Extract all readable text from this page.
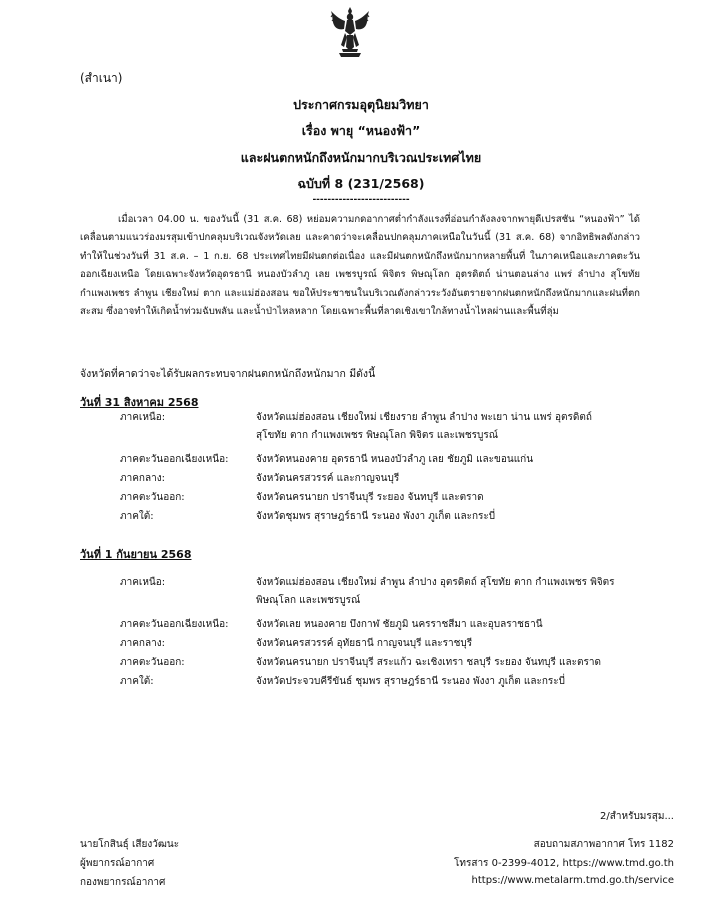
(สำเนา)
ประกาศกรมอุตุนิยมวิทยา
เรื่อง พายุ “หนองฟ้า”
และฝนตกหนักถึงหนักมากบริเวณประเทศไทย
ฉบับที่ 8 (231/2568)
--------------------------

เมื่อเวลา 04.00 น. ของวันนี้ (31 ส.ค. 68) หย่อมความกดอากาศต่ำกำลังแรงที่อ่อนกำลังลงจากพายุดีเปรสชัน “หนองฟ้า” ได้เคลื่อนตามแนวร่องมรสุมเข้าปกคลุมบริเวณจังหวัดเลย และคาดว่าจะเคลื่อนปกคลุมภาคเหนือในวันนี้ (31 ส.ค. 68) จากอิทธิพลดังกล่าว ทำให้ในช่วงวันที่ 31 ส.ค. – 1 ก.ย. 68 ประเทศไทยมีฝนตกต่อเนื่อง และมีฝนตกหนักถึงหนักมากหลายพื้นที่ ในภาคเหนือและภาคตะวันออกเฉียงเหนือ โดยเฉพาะจังหวัดอุดรธานี หนองบัวลำภู เลย เพชรบูรณ์ พิจิตร พิษณุโลก อุตรดิตถ์ น่านตอนล่าง แพร่ ลำปาง สุโขทัย กำแพงเพชร ลำพูน เชียงใหม่ ตาก และแม่ฮ่องสอน ขอให้ประชาชนในบริเวณดังกล่าวระวังอันตรายจากฝนตกหนักถึงหนักมากและฝนที่ตกสะสม ซึ่งอาจทำให้เกิดน้ำท่วมฉับพลัน และน้ำป่าไหลหลาก โดยเฉพาะพื้นที่ลาดเชิงเขาใกล้ทางน้ำไหลผ่านและพื้นที่ลุ่ม

จังหวัดที่คาดว่าจะได้รับผลกระทบจากฝนตกหนักถึงหนักมาก มีดังนี้
วันที่ 31 สิงหาคม 2568
ภาคเหนือ:	จังหวัดแม่ฮ่องสอน เชียงใหม่ เชียงราย ลำพูน ลำปาง พะเยา น่าน แพร่ อุตรดิตถ์
สุโขทัย ตาก กำแพงเพชร พิษณุโลก พิจิตร และเพชรบูรณ์
ภาคตะวันออกเฉียงเหนือ:	จังหวัดหนองคาย อุดรธานี หนองบัวลำภู เลย ชัยภูมิ และขอนแก่น
ภาคกลาง:	จังหวัดนครสวรรค์ และกาญจนบุรี
ภาคตะวันออก:	จังหวัดนครนายก ปราจีนบุรี ระยอง จันทบุรี และตราด
ภาคใต้:	จังหวัดชุมพร สุราษฎร์ธานี ระนอง พังงา ภูเก็ต และกระบี่
วันที่ 1 กันยายน 2568
ภาคเหนือ:	จังหวัดแม่ฮ่องสอน เชียงใหม่ ลำพูน ลำปาง อุตรดิตถ์ สุโขทัย ตาก กำแพงเพชร พิจิตร
พิษณุโลก และเพชรบูรณ์
ภาคตะวันออกเฉียงเหนือ:	จังหวัดเลย หนองคาย บึงกาฬ ชัยภูมิ นครราชสีมา และอุบลราชธานี
ภาคกลาง:	จังหวัดนครสวรรค์ อุทัยธานี กาญจนบุรี และราชบุรี
ภาคตะวันออก:	จังหวัดนครนายก ปราจีนบุรี สระแก้ว ฉะเชิงเทรา ชลบุรี ระยอง จันทบุรี และตราด
ภาคใต้:	จังหวัดประจวบคีรีขันธ์ ชุมพร สุราษฎร์ธานี ระนอง พังงา ภูเก็ต และกระบี่
2/สำหรับมรสุม...
นายโกสินธุ์ เสียงวัฒนะ
ผู้พยากรณ์อากาศ
กองพยากรณ์อากาศ
สอบถามสภาพอากาศ โทร 1182
โทรสาร 0-2399-4012, https://www.tmd.go.th
https://www.metalarm.tmd.go.th/service
